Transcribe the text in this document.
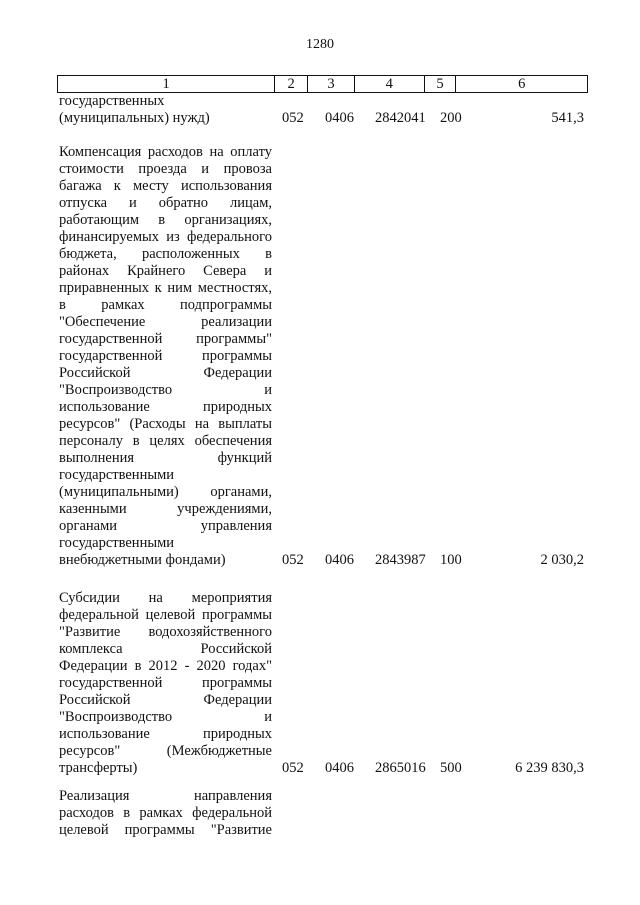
1280
1	2	3	4	5	6
государственных
(муниципальных) нужд)	052 0406 2842041 200	541,3
Компенсация расходов на оплату
стоимости проезда и провоза
багажа к месту использования
отпуска и обратно лицам,
работающим в организациях,
финансируемых из федерального
бюджета, расположенных в
районах Крайнего Севера и
приравненных к ним местностях,
в рамках подпрограммы
"Обеспечение реализации
государственной программы"
государственной программы
Российской Федерации
"Воспроизводство и
использование природных
ресурсов" (Расходы на выплаты
персоналу в целях обеспечения
выполнения функций
государственными
(муниципальными) органами,
казенными учреждениями,
органами управления
государственными
внебюджетными фондами)	052 0406 2843987 100	2 030,2
Субсидии на мероприятия
федеральной целевой программы
"Развитие водохозяйственного
комплекса Российской
Федерации в 2012 - 2020 годах"
государственной программы
Российской Федерации
"Воспроизводство и
использование природных
ресурсов" (Межбюджетные
трансферты)	052 0406 2865016 500	6 239 830,3
Реализация направления
расходов в рамках федеральной
целевой программы "Развитие
